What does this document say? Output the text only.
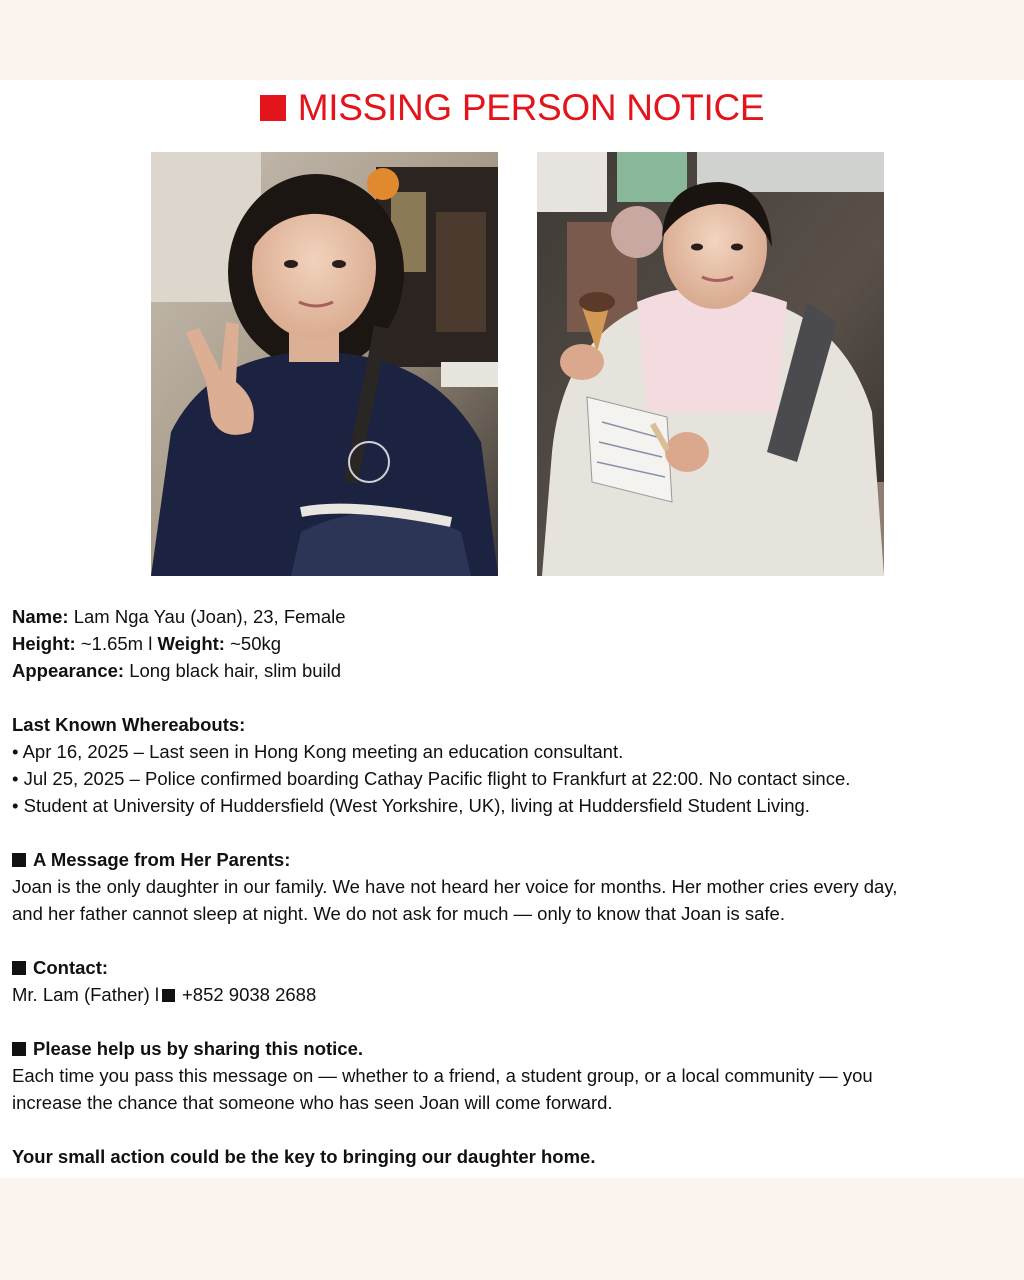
MISSING PERSON NOTICE

Name: Lam Nga Yau (Joan), 23, Female

Height: ~1.65m l Weight: ~50kg

Appearance: Long black hair, slim build

Last Known Whereabouts:

• Apr 16, 2025 – Last seen in Hong Kong meeting an education consultant.

• Jul 25, 2025 – Police confirmed boarding Cathay Pacific flight to Frankfurt at 22:00. No contact since.

• Student at University of Huddersfield (West Yorkshire, UK), living at Huddersfield Student Living.

A Message from Her Parents:

Joan is the only daughter in our family. We have not heard her voice for months. Her mother cries every day,

and her father cannot sleep at night. We do not ask for much — only to know that Joan is safe.

Contact:

Mr. Lam (Father) l +852 9038 2688

Please help us by sharing this notice.

Each time you pass this message on — whether to a friend, a student group, or a local community — you

increase the chance that someone who has seen Joan will come forward.

Your small action could be the key to bringing our daughter home.
